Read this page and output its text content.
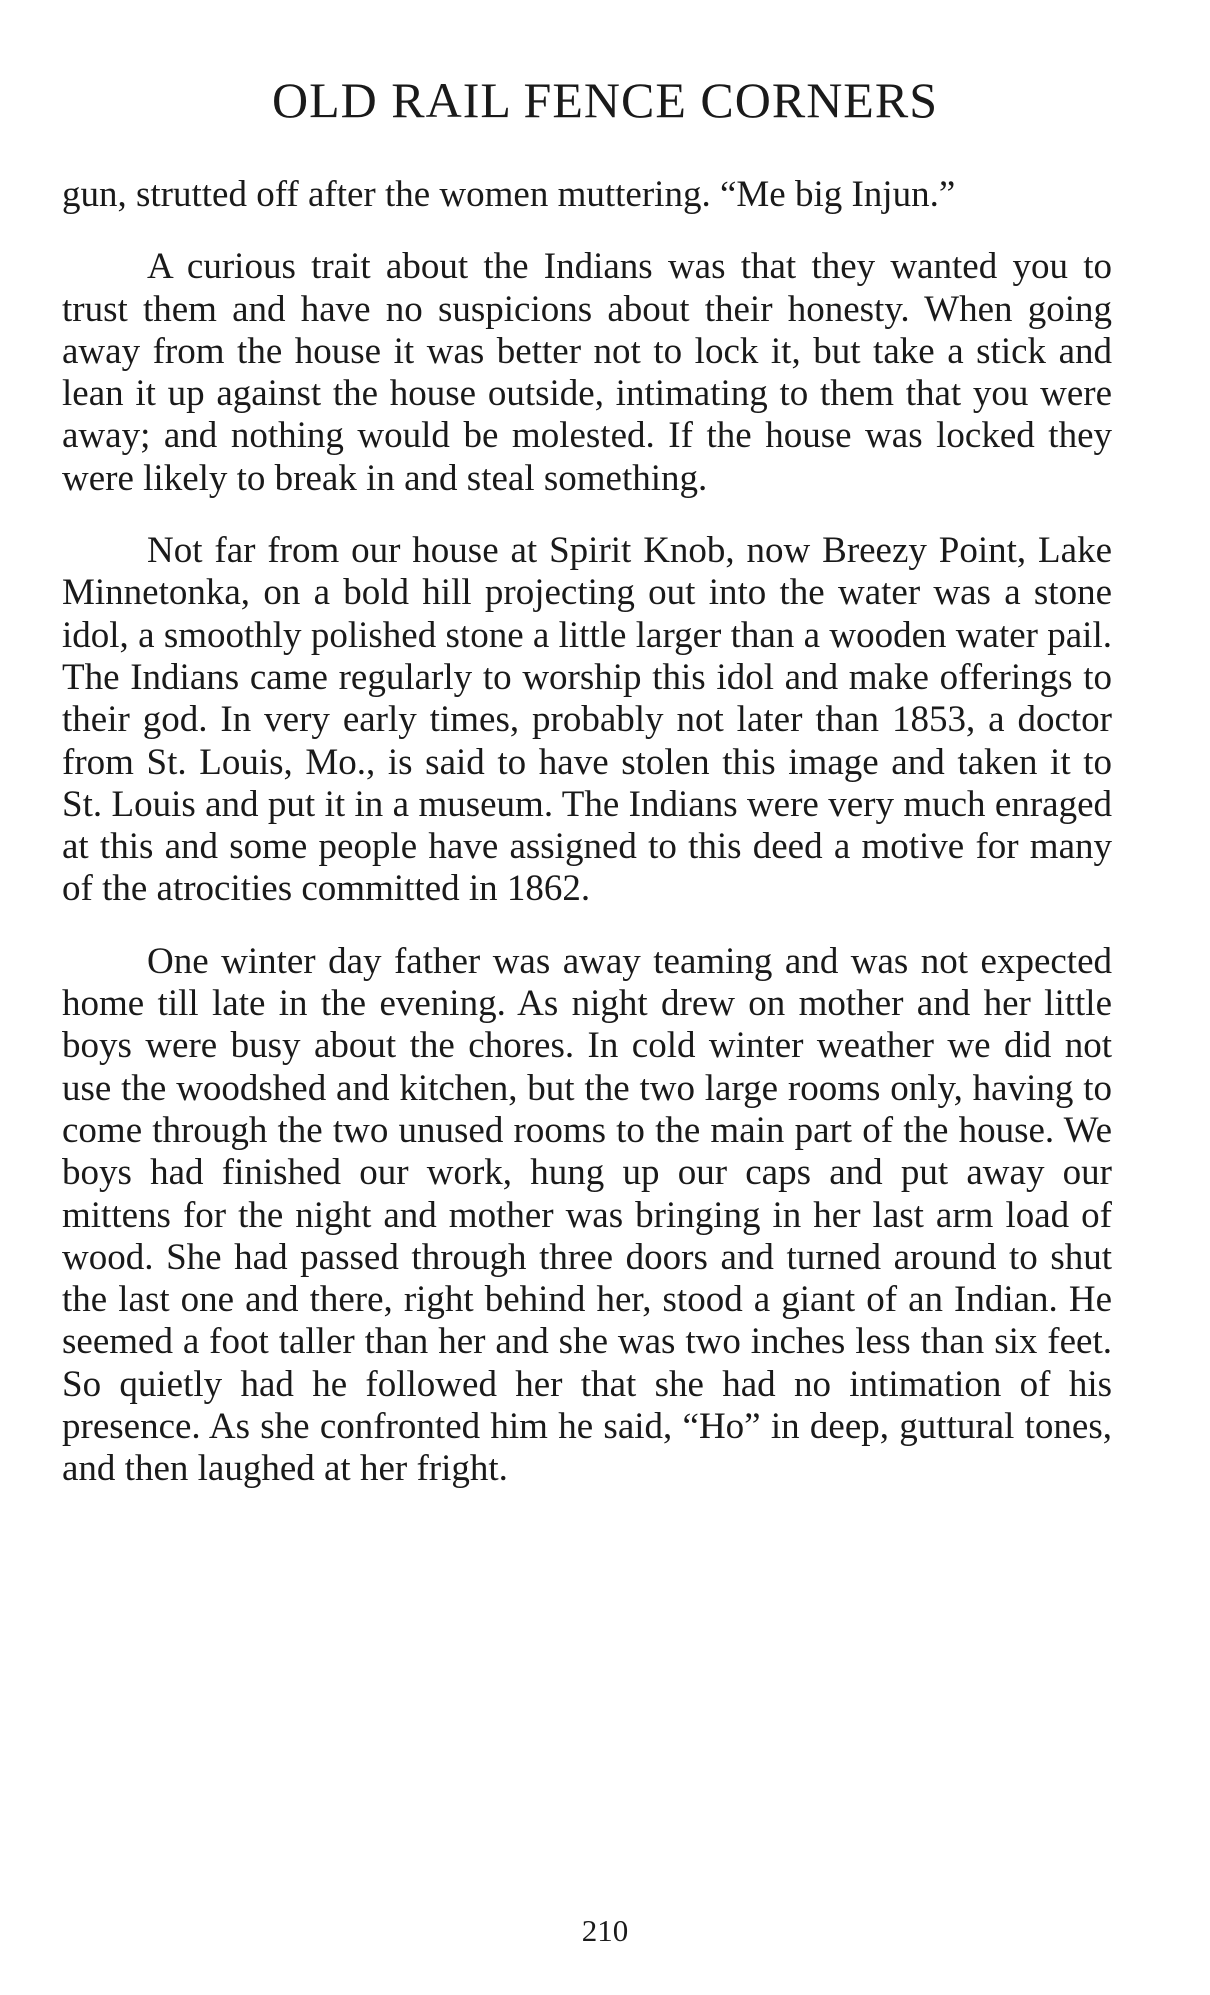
OLD RAIL FENCE CORNERS

gun, strutted off after the women muttering. “Me big Injun.”

A curious trait about the Indians was that they wanted you to trust them and have no suspicions about their honesty. When going away from the house it was better not to lock it, but take a stick and lean it up against the house outside, intimating to them that you were away; and nothing would be molested. If the house was locked they were likely to break in and steal something.

Not far from our house at Spirit Knob, now Breezy Point, Lake Minnetonka, on a bold hill projecting out into the water was a stone idol, a smoothly polished stone a little larger than a wooden water pail. The Indians came regularly to worship this idol and make offerings to their god. In very early times, probably not later than 1853, a doctor from St. Louis, Mo., is said to have stolen this image and taken it to St. Louis and put it in a museum. The Indians were very much enraged at this and some people have assigned to this deed a motive for many of the atrocities committed in 1862.

One winter day father was away teaming and was not expected home till late in the evening. As night drew on mother and her little boys were busy about the chores. In cold winter weather we did not use the woodshed and kitchen, but the two large rooms only, having to come through the two unused rooms to the main part of the house. We boys had finished our work, hung up our caps and put away our mittens for the night and mother was bringing in her last arm load of wood. She had passed through three doors and turned around to shut the last one and there, right behind her, stood a giant of an Indian. He seemed a foot taller than her and she was two inches less than six feet. So quietly had he followed her that she had no intimation of his presence. As she confronted him he said, “Ho” in deep, guttural tones, and then laughed at her fright.

210
